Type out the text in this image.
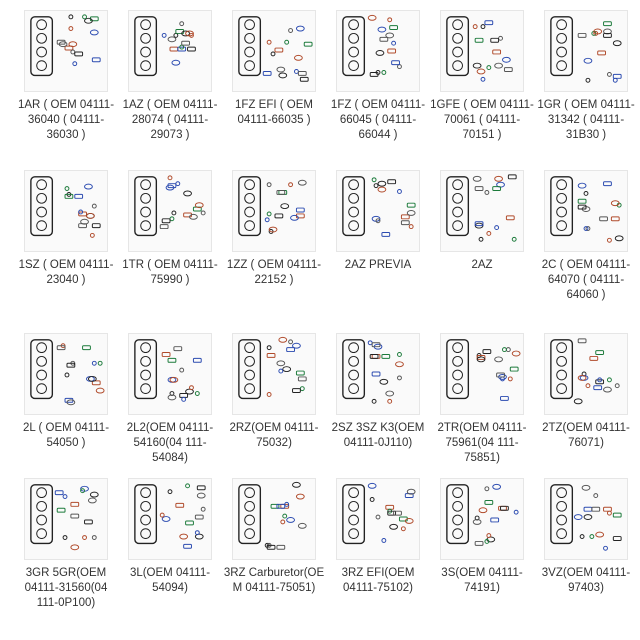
1AR ( OEM 04111-36040 ( 04111-36030 )
1AZ ( OEM 04111-28074 ( 04111-29073 )
1FZ EFI ( OEM 04111-66035 )
1FZ ( OEM 04111-66045 ( 04111-66044 )
1GFE ( OEM 04111-70061 ( 04111-70151 )
1GR ( OEM 04111-31342 ( 04111-31B30 )
1SZ ( OEM 04111-23040 )
1TR ( OEM 04111-75990 )
1ZZ ( OEM 04111-22152 )
2AZ PREVIA	2AZ	2C ( OEM 04111-64070 ( 04111-64060 )
2L ( OEM 04111-54050 )
2L2(OEM 04111-54160(04 111-54084)
2RZ(OEM 04111-75032)
2SZ 3SZ K3(OEM 04111-0J110)
2TR(OEM 04111-75961(04 111-75851)
2TZ(OEM 04111-76071)
3GR 5GR(OEM 04111-31560(04 111-0P100)
3L(OEM 04111-54094)
3RZ Carburetor(OE M 04111-75051)
3RZ EFI(OEM 04111-75102)
3S(OEM 04111-74191)
3VZ(OEM 04111-97403)
